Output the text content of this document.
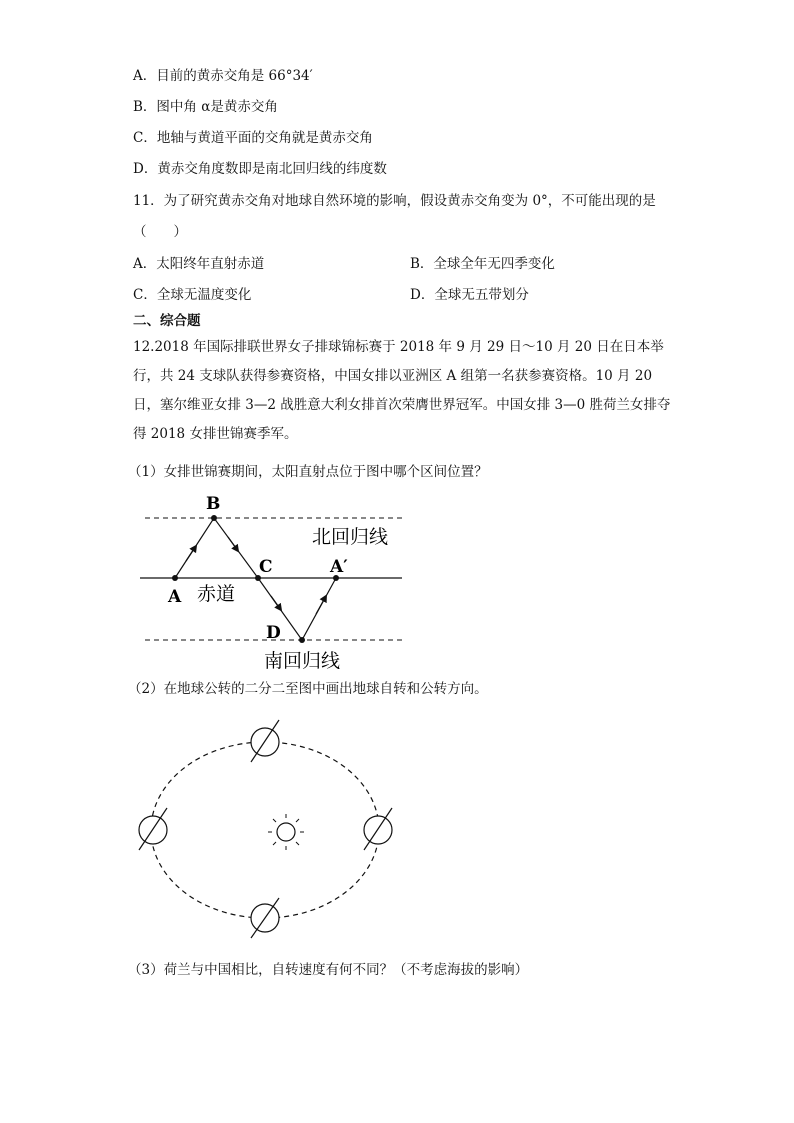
A．目前的黄赤交角是 66°34′
B．图中角 α是黄赤交角
C．地轴与黄道平面的交角就是黄赤交角
D．黄赤交角度数即是南北回归线的纬度数
11．为了研究黄赤交角对地球自然环境的影响，假设黄赤交角变为 0°，不可能出现的是
（　　）
A．太阳终年直射赤道	B．全球全年无四季变化
C．全球无温度变化	D．全球无五带划分
二、综合题
12.2018 年国际排联世界女子排球锦标赛于 2018 年 9 月 29 日～10 月 20 日在日本举行，共 24 支球队获得参赛资格，中国女排以亚洲区 A 组第一名获参赛资格。10 月 20 日，塞尔维亚女排 3—2 战胜意大利女排首次荣膺世界冠军。中国女排 3—0 胜荷兰女排夺得 2018 女排世锦赛季军。
（1）女排世锦赛期间，太阳直射点位于图中哪个区间位置？
A
B
C
D
A′
赤道
北回归线
南回归线
（2）在地球公转的二分二至图中画出地球自转和公转方向。
（3）荷兰与中国相比，自转速度有何不同？（不考虑海拔的影响）
